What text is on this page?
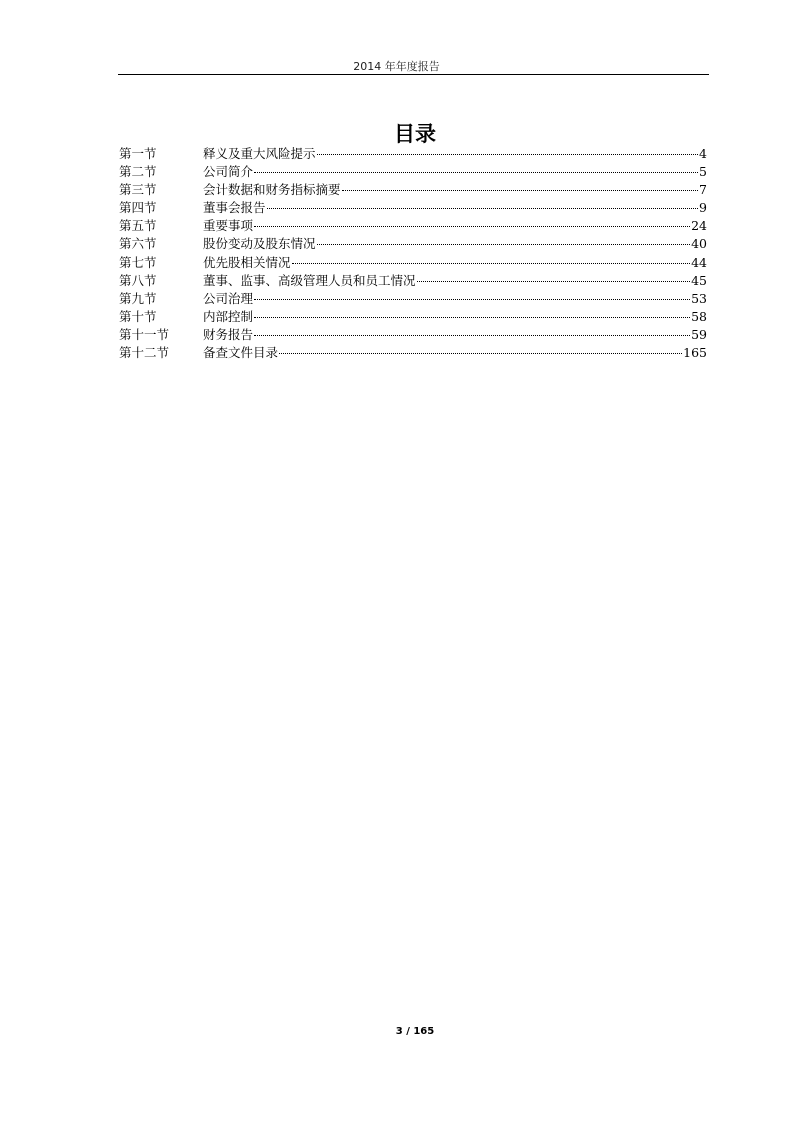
2014 年年度报告
目录
第一节	释义及重大风险提示	4
第二节	公司简介	5
第三节	会计数据和财务指标摘要	7
第四节	董事会报告	9
第五节	重要事项	24
第六节	股份变动及股东情况	40
第七节	优先股相关情况	44
第八节	董事、监事、高级管理人员和员工情况	45
第九节	公司治理	53
第十节	内部控制	58
第十一节	财务报告	59
第十二节	备查文件目录	165
3 / 165
